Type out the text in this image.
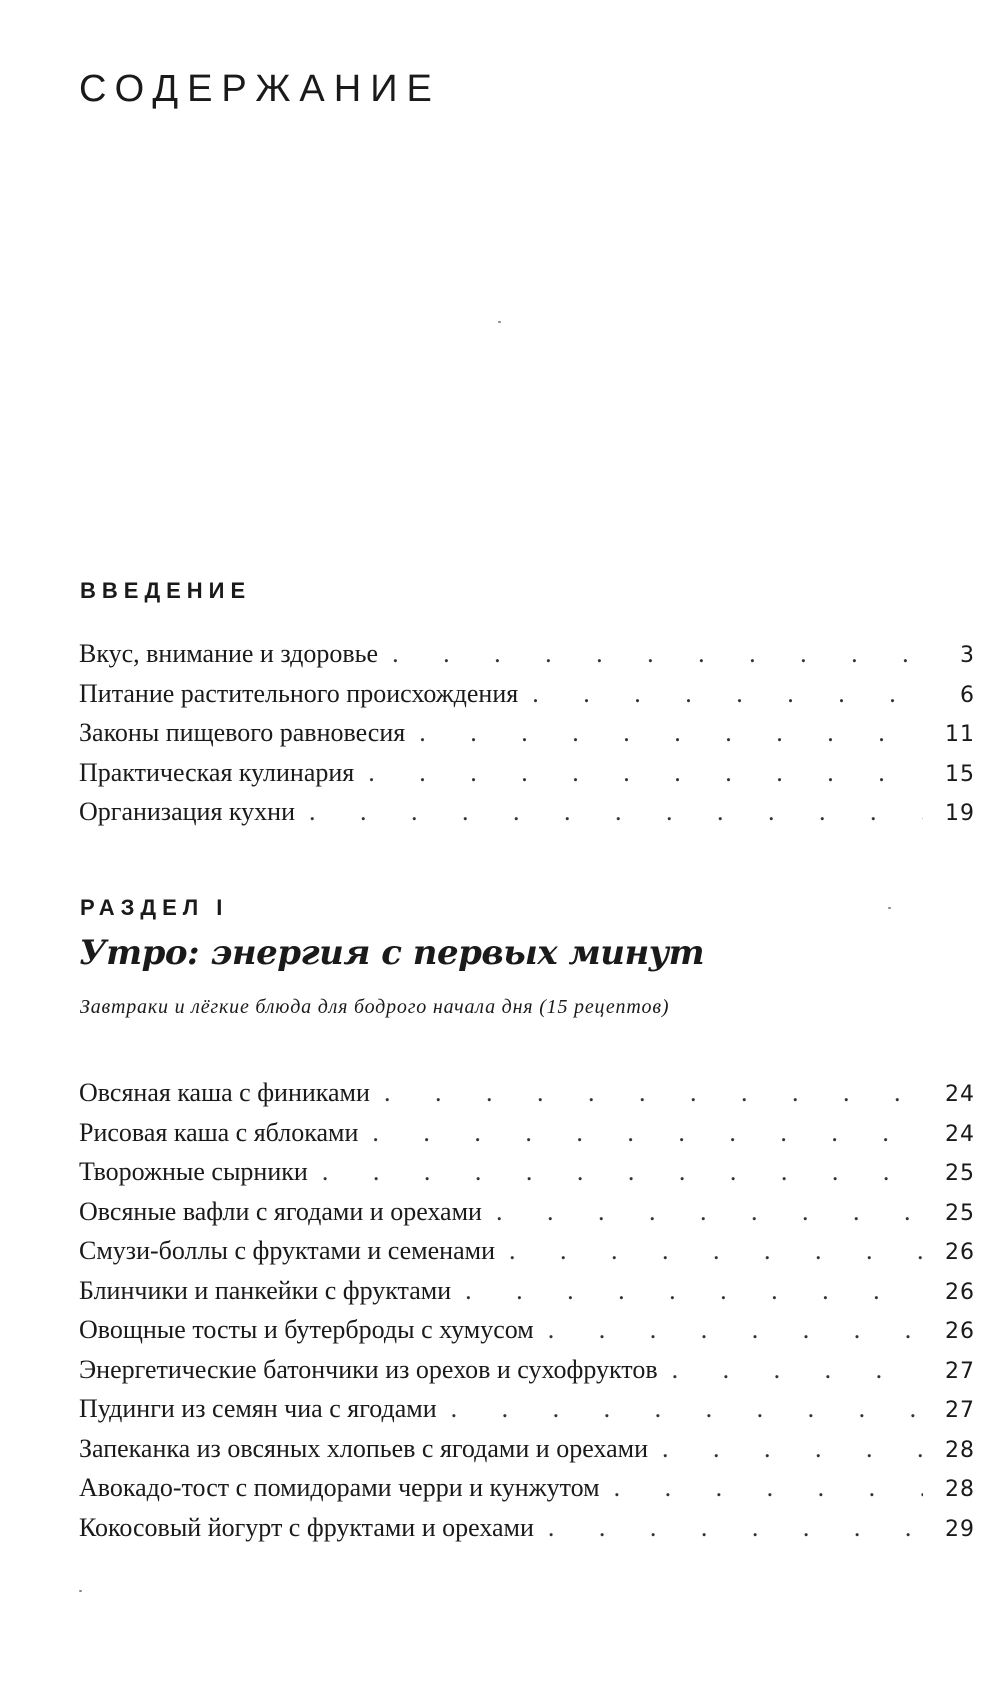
СОДЕРЖАНИЕ
ВВЕДЕНИЕ
Вкус, внимание и здоровье . . .	3
Питание растительного происхождения . . .	6
Законы пищевого равновесия . . .	11
Практическая кулинария . . .	15
Организация кухни . . .	19
РАЗДЕЛ I
Утро: энергия с первых минут

Завтраки и лёгкие блюда для бодрого начала дня (15 рецептов)

Овсяная каша с финиками . . .	24
Рисовая каша с яблоками . . .	24
Творожные сырники . . .	25
Овсяные вафли с ягодами и орехами . . .	25
Смузи-боллы с фруктами и семенами . . .	26
Блинчики и панкейки с фруктами . . .	26
Овощные тосты и бутерброды с хумусом . . .	26
Энергетические батончики из орехов и сухофруктов . . .	27
Пудинги из семян чиа с ягодами . . .	27
Запеканка из овсяных хлопьев с ягодами и орехами . . .	28
Авокадо-тост с помидорами черри и кунжутом . . .	28
Кокосовый йогурт с фруктами и орехами . . .	29
